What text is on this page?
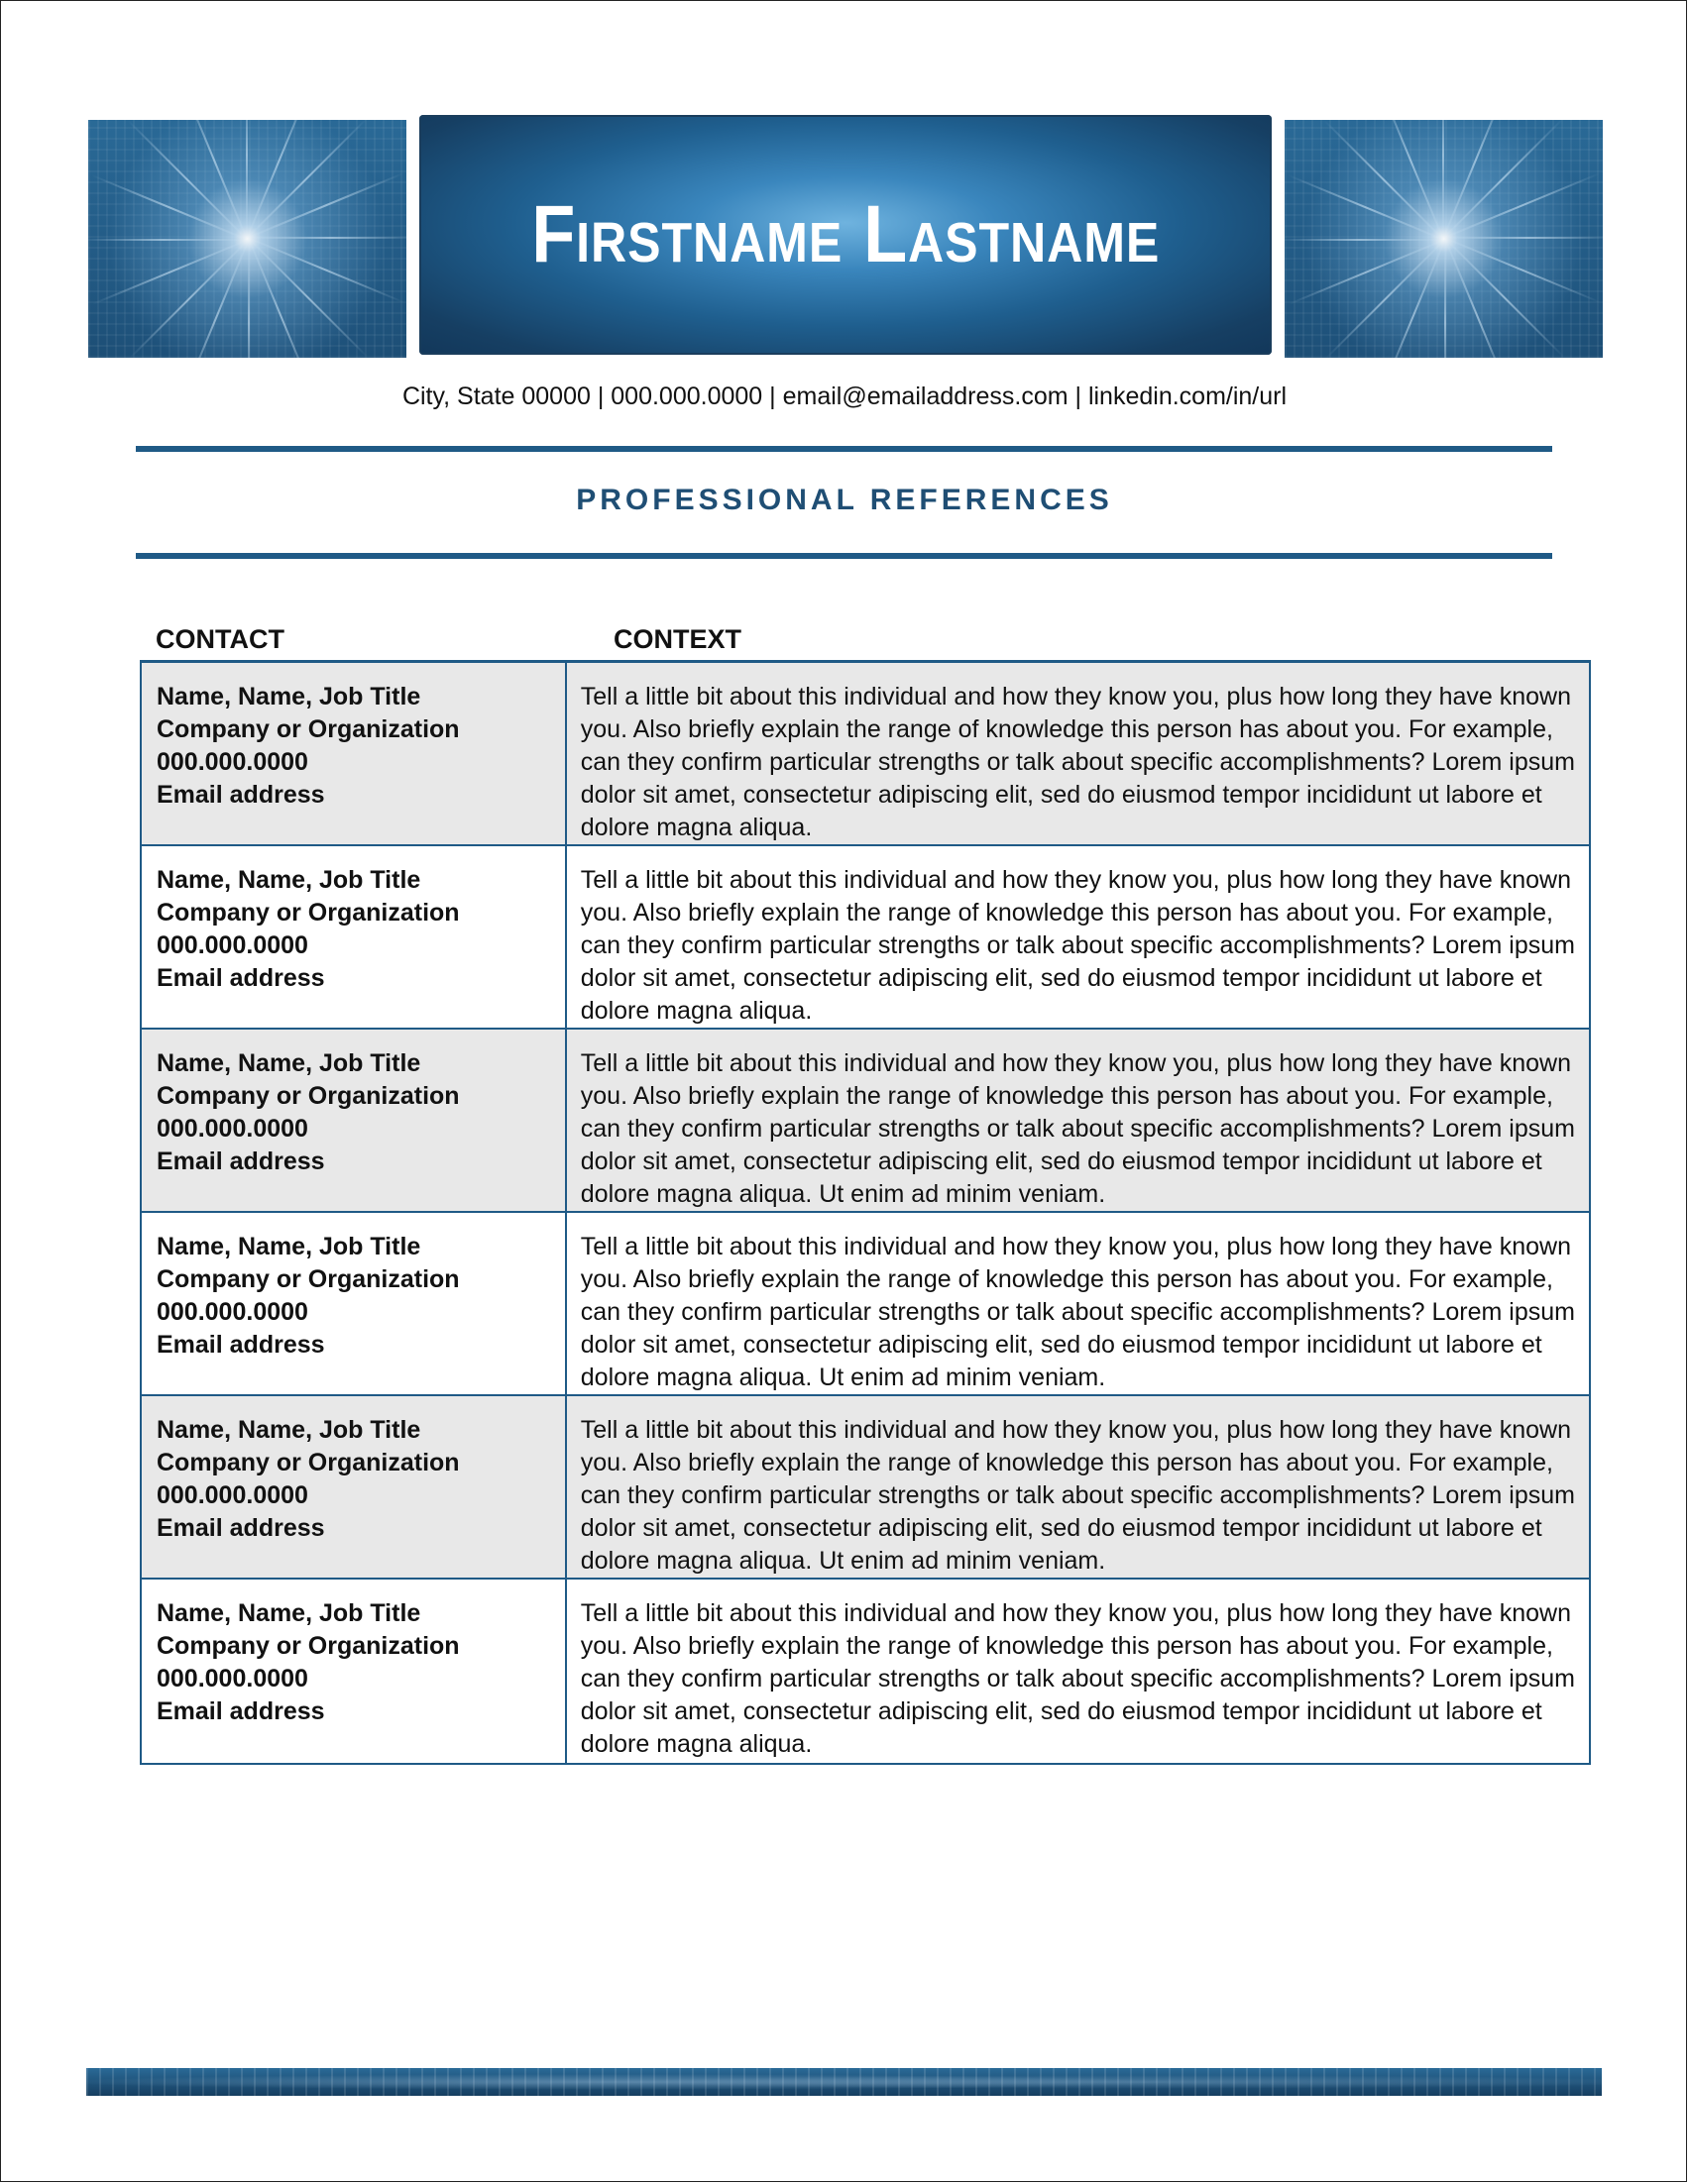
Firstname Lastname
City, State 00000 | 000.000.0000 | email@emailaddress.com | linkedin.com/in/url
PROFESSIONAL REFERENCES
CONTACT	CONTEXT
Name, Name, Job Title
Company or Organization
000.000.0000
Email address
Tell a little bit about this individual and how they know you, plus how long they have known
you. Also briefly explain the range of knowledge this person has about you. For example,
can they confirm particular strengths or talk about specific accomplishments? Lorem ipsum
dolor sit amet, consectetur adipiscing elit, sed do eiusmod tempor incididunt ut labore et
dolore magna aliqua.
Name, Name, Job Title
Company or Organization
000.000.0000
Email address
Tell a little bit about this individual and how they know you, plus how long they have known
you. Also briefly explain the range of knowledge this person has about you. For example,
can they confirm particular strengths or talk about specific accomplishments? Lorem ipsum
dolor sit amet, consectetur adipiscing elit, sed do eiusmod tempor incididunt ut labore et
dolore magna aliqua.
Name, Name, Job Title
Company or Organization
000.000.0000
Email address
Tell a little bit about this individual and how they know you, plus how long they have known
you. Also briefly explain the range of knowledge this person has about you. For example,
can they confirm particular strengths or talk about specific accomplishments? Lorem ipsum
dolor sit amet, consectetur adipiscing elit, sed do eiusmod tempor incididunt ut labore et
dolore magna aliqua. Ut enim ad minim veniam.
Name, Name, Job Title
Company or Organization
000.000.0000
Email address
Tell a little bit about this individual and how they know you, plus how long they have known
you. Also briefly explain the range of knowledge this person has about you. For example,
can they confirm particular strengths or talk about specific accomplishments? Lorem ipsum
dolor sit amet, consectetur adipiscing elit, sed do eiusmod tempor incididunt ut labore et
dolore magna aliqua. Ut enim ad minim veniam.
Name, Name, Job Title
Company or Organization
000.000.0000
Email address
Tell a little bit about this individual and how they know you, plus how long they have known
you. Also briefly explain the range of knowledge this person has about you. For example,
can they confirm particular strengths or talk about specific accomplishments? Lorem ipsum
dolor sit amet, consectetur adipiscing elit, sed do eiusmod tempor incididunt ut labore et
dolore magna aliqua. Ut enim ad minim veniam.
Name, Name, Job Title
Company or Organization
000.000.0000
Email address
Tell a little bit about this individual and how they know you, plus how long they have known
you. Also briefly explain the range of knowledge this person has about you. For example,
can they confirm particular strengths or talk about specific accomplishments? Lorem ipsum
dolor sit amet, consectetur adipiscing elit, sed do eiusmod tempor incididunt ut labore et
dolore magna aliqua.
